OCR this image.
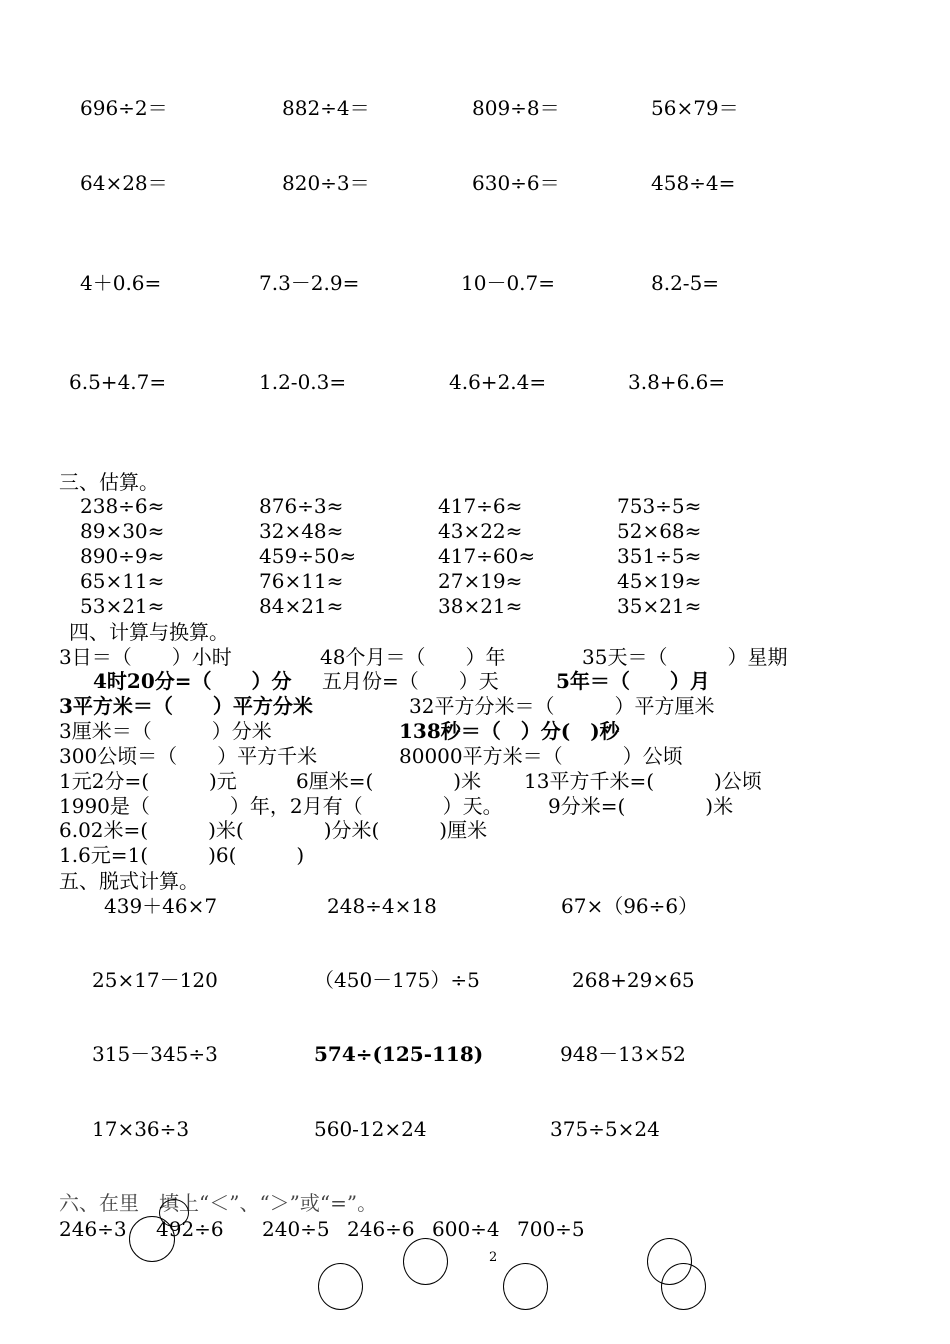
696÷2＝	882÷4＝	809÷8＝	56×79＝
64×28＝	820÷3＝	630÷6＝	458÷4=
4＋0.6=	7.3－2.9=	10－0.7=	8.2-5=
6.5+4.7=	1.2-0.3=	4.6+2.4=	3.8+6.6=
三、估算。
238÷6≈	876÷3≈	417÷6≈	753÷5≈
89×30≈	32×48≈	43×22≈	52×68≈
890÷9≈	459÷50≈	417÷60≈	351÷5≈
65×11≈	76×11≈	27×19≈	45×19≈
53×21≈	84×21≈	38×21≈	35×21≈
四、计算与换算。
3日＝（　　）小时	48个月＝（　　）年	35天＝（　　　）星期
4时20分=（　　）分 五月份=（　　）天	5年＝（　　）月
3平方米＝（　　）平方分米	32平方分米＝（　　　）平方厘米
3厘米＝（　　　）分米	138秒＝（　）分(　)秒
300公顷＝（　　）平方千米	80000平方米＝（　　　）公顷
1元2分=(　　　)元	6厘米=(　　　　)米 13平方千米=(　　　)公顷
1990是（　　　　）年，2月有（　　　　）天。 9分米=(　　　　)米
6.02米=(　　　)米(　　　　)分米(　　　)厘米
1.6元=1(　　　)6(　　　)
五、脱式计算。
439＋46×7	248÷4×18	67×（96÷6）
25×17－120	（450－175）÷5	268+29×65
315－345÷3	574÷(125-118)	948－13×52
17×36÷3	560-12×24	375÷5×24
六、在里　填上“＜”、“＞”或“=”。
246÷3 492÷6 240÷5 246÷6 600÷4 700÷5
2
